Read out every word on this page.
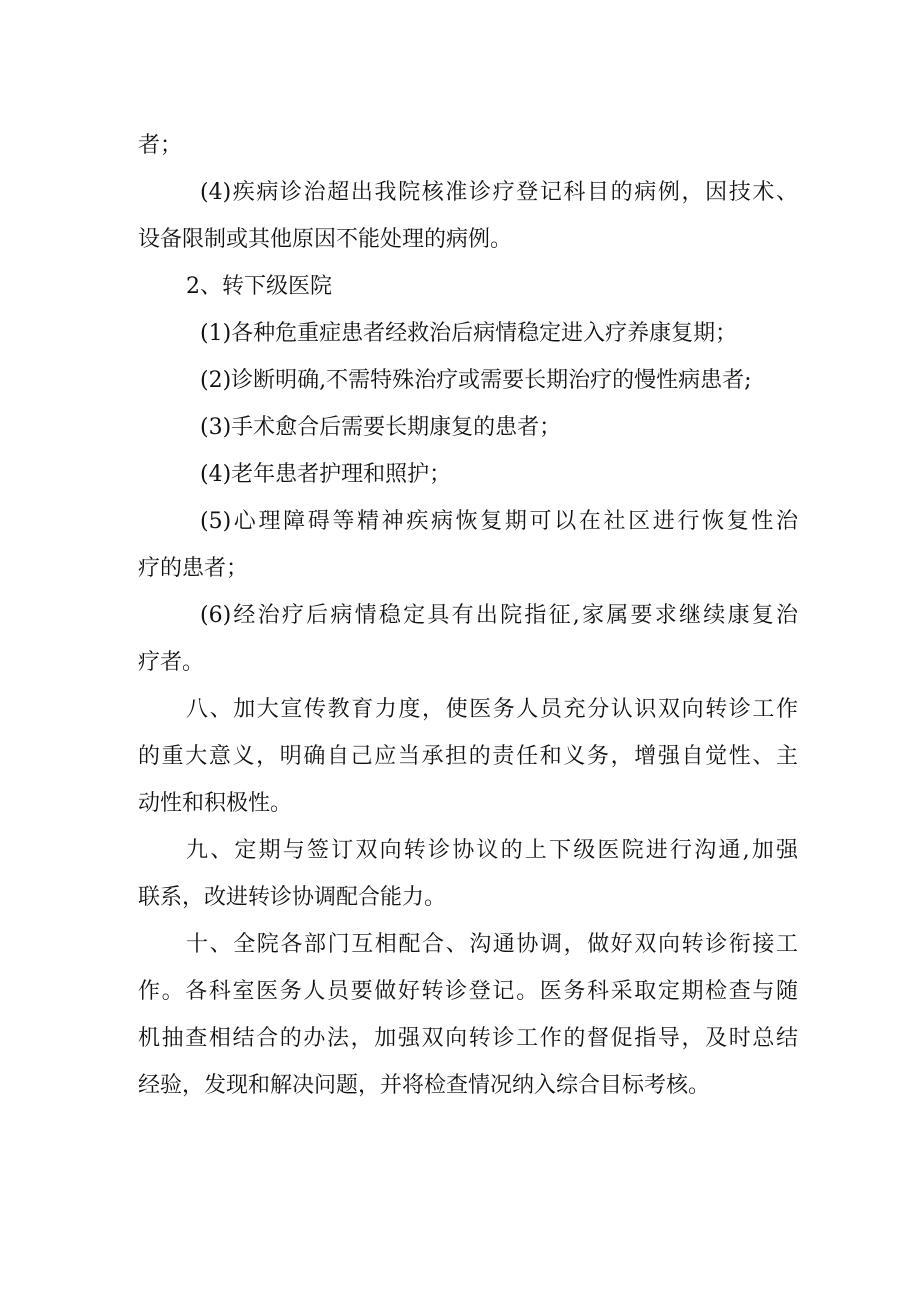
者；
(4)疾病诊治超出我院核准诊疗登记科目的病例，因技术、
设备限制或其他原因不能处理的病例。
2、转下级医院
(1)各种危重症患者经救治后病情稳定进入疗养康复期；
(2)诊断明确,不需特殊治疗或需要长期治疗的慢性病患者;
(3)手术愈合后需要长期康复的患者；
(4)老年患者护理和照护；
(5)心理障碍等精神疾病恢复期可以在社区进行恢复性治
疗的患者；
(6)经治疗后病情稳定具有出院指征,家属要求继续康复治
疗者。
八、加大宣传教育力度，使医务人员充分认识双向转诊工作
的重大意义，明确自己应当承担的责任和义务，增强自觉性、主
动性和积极性。
九、定期与签订双向转诊协议的上下级医院进行沟通,加强
联系，改进转诊协调配合能力。
十、全院各部门互相配合、沟通协调，做好双向转诊衔接工
作。各科室医务人员要做好转诊登记。医务科采取定期检查与随
机抽查相结合的办法，加强双向转诊工作的督促指导，及时总结
经验，发现和解决问题，并将检查情况纳入综合目标考核。
